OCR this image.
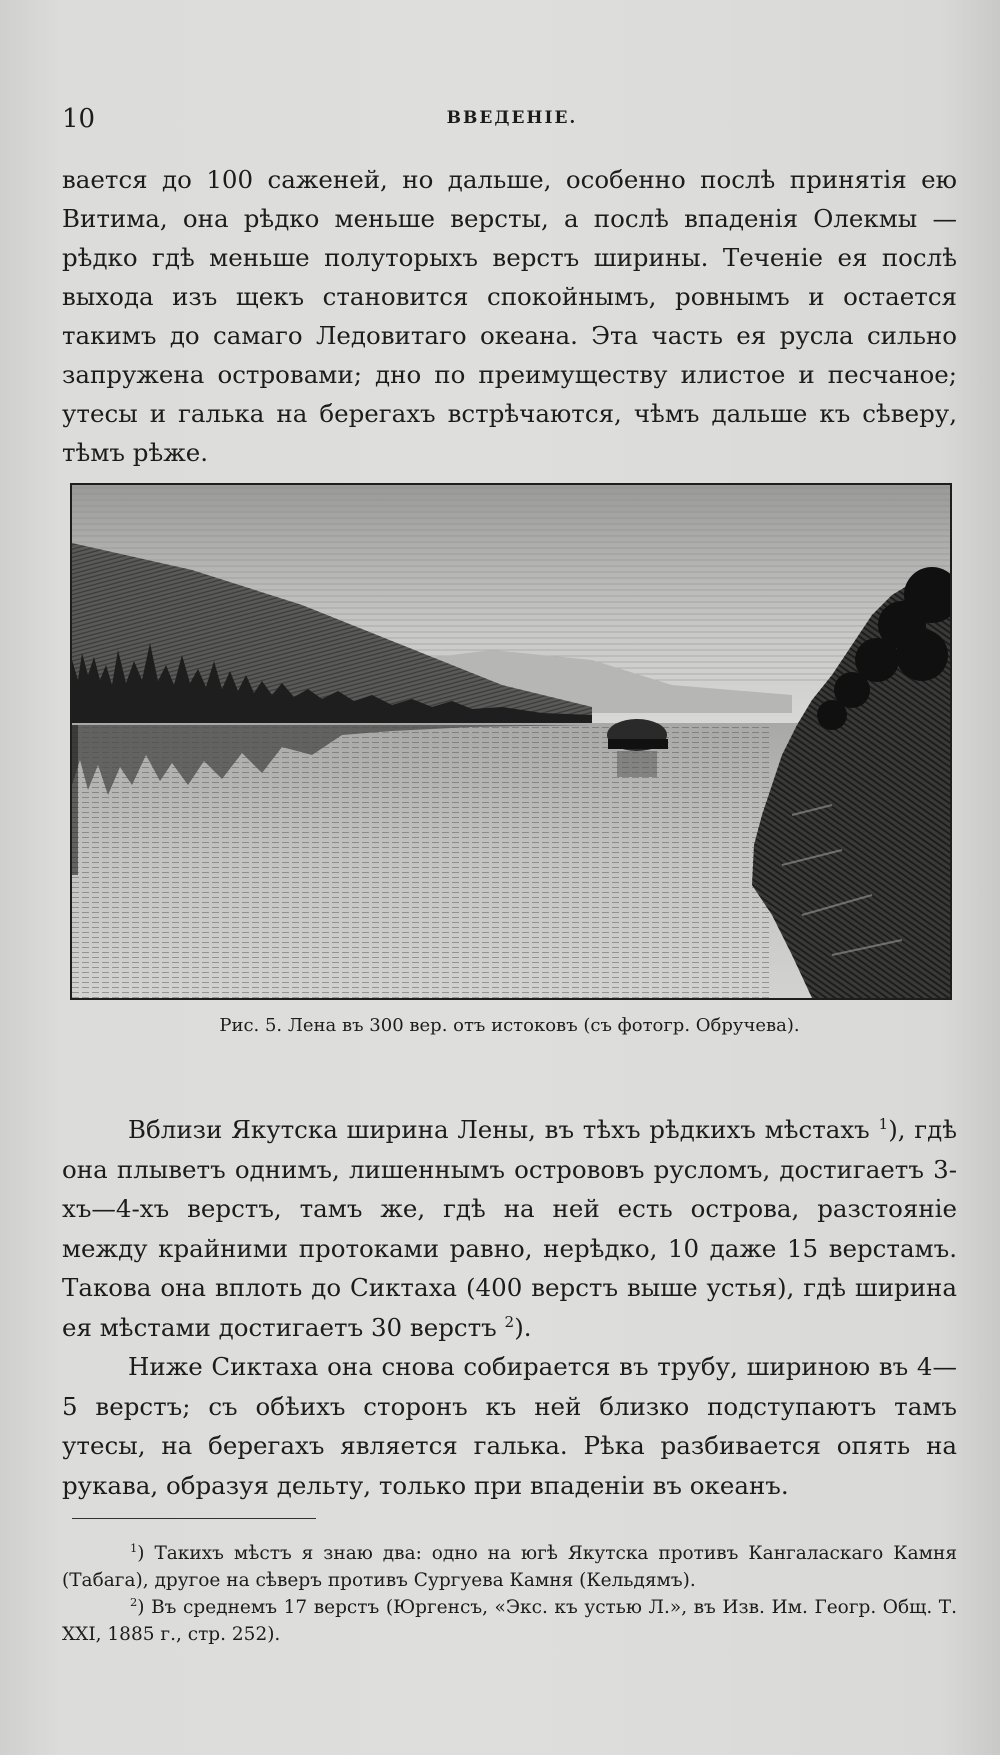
10	ВВЕДЕНІЕ.

вается до 100 саженей, но дальше, особенно послѣ принятія ею Витима, она рѣдко меньше версты, а послѣ впаденія Олекмы — рѣдко гдѣ меньше полуторыхъ верстъ ширины. Теченіе ея послѣ выхода изъ щекъ становится спокойнымъ, ровнымъ и остается такимъ до самаго Ледовитаго океана. Эта часть ея русла сильно запружена островами; дно по преимуществу илистое и песчаное; утесы и галька на берегахъ встрѣчаются, чѣмъ дальше къ сѣверу, тѣмъ рѣже.

Рис. 5. Лена въ 300 вер. отъ истоковъ (съ фотогр. Обручева).

Вблизи Якутска ширина Лены, въ тѣхъ рѣдкихъ мѣстахъ $^1$), гдѣ она плыветъ однимъ, лишеннымъ острововъ русломъ, достигаетъ 3-хъ—4-хъ верстъ, тамъ же, гдѣ на ней есть острова, разстояніе между крайними протоками равно, нерѣдко, 10 даже 15 верстамъ. Такова она вплоть до Сиктаха (400 верстъ выше устья), гдѣ ширина ея мѣстами достигаетъ 30 верстъ $^2$).

Ниже Сиктаха она снова собирается въ трубу, шириною въ 4—5 верстъ; съ обѣихъ сторонъ къ ней близко подступаютъ тамъ утесы, на берегахъ является галька. Рѣка разбивается опять на рукава, образуя дельту, только при впаденіи въ океанъ.

$^1$) Такихъ мѣстъ я знаю два: одно на югѣ Якутска противъ Кангаласкаго Камня (Табага), другое на сѣверъ противъ Сургуева Камня (Кельдямъ).

$^2$) Въ среднемъ 17 верстъ (Юргенсъ, «Экс. къ устью Л.», въ Изв. Им. Геогр. Общ. Т. XXI, 1885 г., стр. 252).
